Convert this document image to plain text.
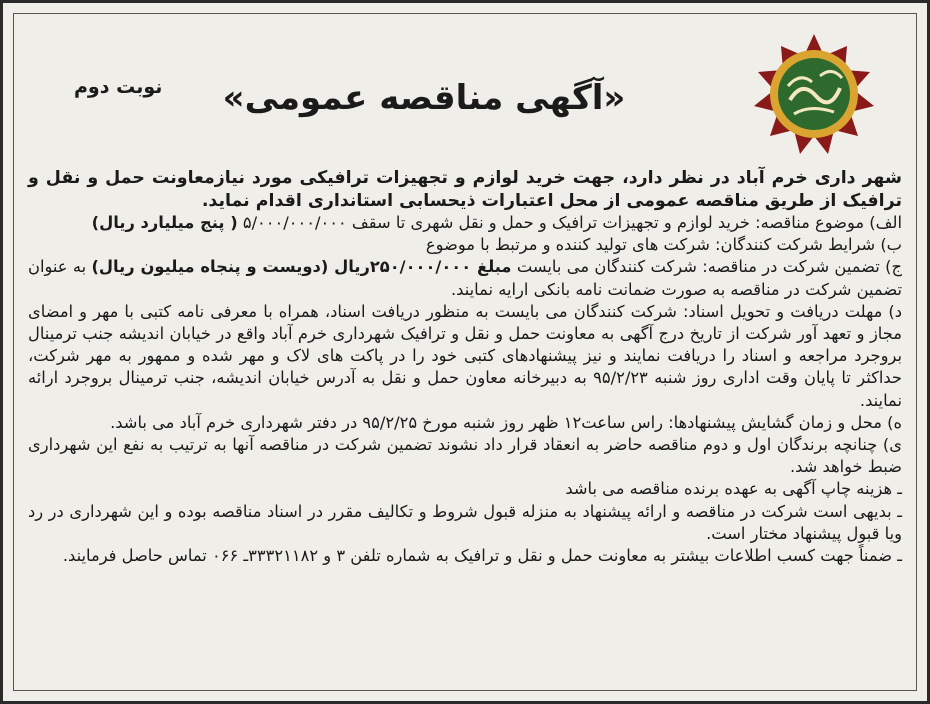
نوبت دوم	«آگهی مناقصه عمومی»

شهر داری خرم آباد در نظر دارد، جهت خرید لوازم و تجهیزات ترافیکی مورد نیازمعاونت حمل و نقل و ترافیک از طریق مناقصه عمومی از محل اعتبارات ذیحسابی استانداری اقدام نماید.

الف) موضوع مناقصه: خرید لوازم و تجهیزات ترافیک و حمل و نقل شهری تا سقف ۵/۰۰۰/۰۰۰/۰۰۰ ( پنج میلیارد ریال)

ب) شرایط شرکت کنندگان: شرکت های تولید کننده و مرتبط با موضوع

ج) تضمین شرکت در مناقصه: شرکت کنندگان می بایست مبلغ ۲۵۰/۰۰۰/۰۰۰ریال (دویست و پنجاه میلیون ریال) به عنوان تضمین شرکت در مناقصه به صورت ضمانت نامه بانکی ارایه نمایند.

د) مهلت دریافت و تحویل اسناد: شرکت کنندگان می بایست به منظور دریافت اسناد، همراه با معرفی نامه کتبی با مهر و امضای مجاز و تعهد آور شرکت از تاریخ درج آگهی به معاونت حمل و نقل و ترافیک شهرداری خرم آباد واقع در خیابان اندیشه جنب ترمینال بروجرد مراجعه و اسناد را دریافت نمایند و نیز پیشنهادهای کتبی خود را در پاکت های لاک و مهر شده و ممهور به مهر شرکت، حداکثر تا پایان وقت اداری روز شنبه ۹۵/۲/۲۳ به دبیرخانه معاون حمل و نقل به آدرس خیابان اندیشه، جنب ترمینال بروجرد ارائه نمایند.

ه) محل و زمان گشایش پیشنهادها: راس ساعت۱۲ ظهر روز شنبه مورخ ۹۵/۲/۲۵ در دفتر شهرداری خرم آباد می باشد.

ی) چنانچه برندگان اول و دوم مناقصه حاضر به انعقاد قرار داد نشوند تضمین شرکت در مناقصه آنها به ترتیب به نفع این شهرداری ضبط خواهد شد.

ـ هزینه چاپ آگهی به عهده برنده مناقصه می باشد

ـ بدیهی است شرکت در مناقصه و ارائه پیشنهاد به منزله قبول شروط و تکالیف مقرر در اسناد مناقصه بوده و این شهرداری در رد ویا قبول پیشنهاد مختار است.

ـ ضمناً جهت کسب اطلاعات بیشتر به معاونت حمل و نقل و ترافیک به شماره تلفن ۳ و ۳۳۳۲۱۱۸۲ـ ۰۶۶ تماس حاصل فرمایند.
